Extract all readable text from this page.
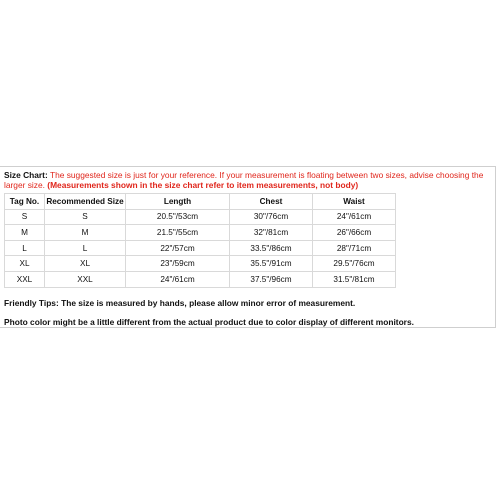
Size Chart: The suggested size is just for your reference. If your measurement is floating between two sizes, advise choosing the larger size. (Measurements shown in the size chart refer to item measurements, not body)
Tag No.	Recommended Size	Length	Chest	Waist
S	S	20.5"/53cm	30"/76cm	24"/61cm
M	M	21.5"/55cm	32"/81cm	26"/66cm
L	L	22"/57cm	33.5"/86cm	28"/71cm
XL	XL	23"/59cm	35.5"/91cm	29.5"/76cm
XXL	XXL	24"/61cm	37.5"/96cm	31.5"/81cm
Friendly Tips: The size is measured by hands, please allow minor error of measurement.
Photo color might be a little different from the actual product due to color display of different monitors.
